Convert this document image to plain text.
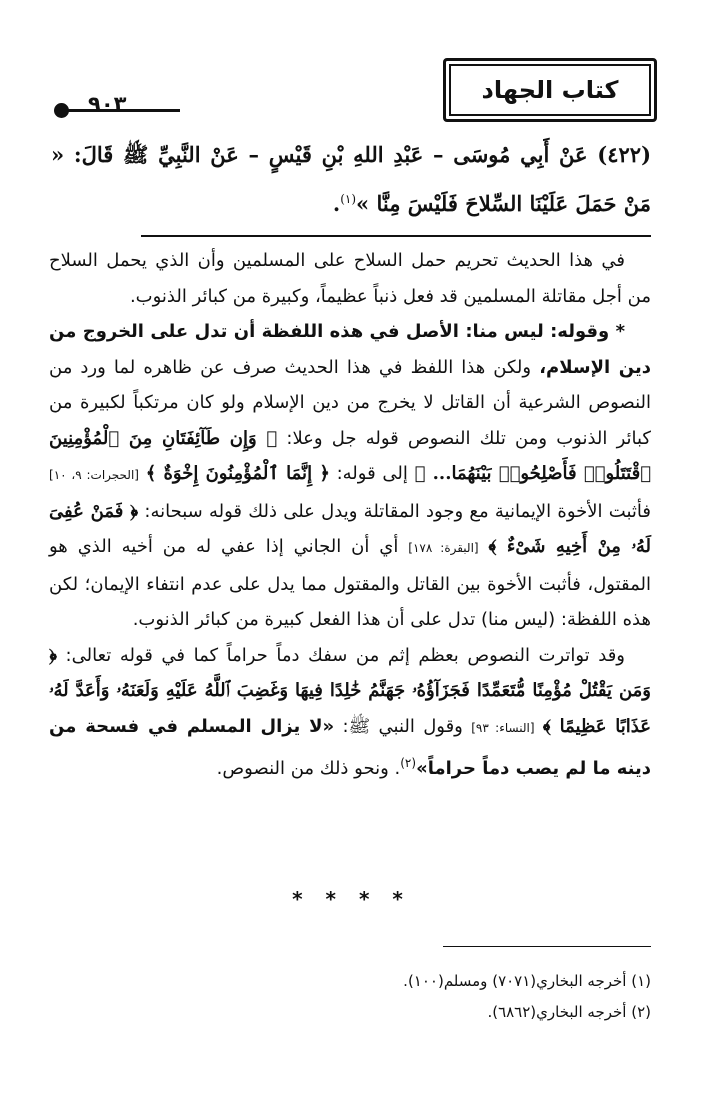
كتاب الجهاد
٩٠٣
(٤٢٢) عَنْ أَبِي مُوسَى – عَبْدِ اللهِ بْنِ قَيْسٍ – عَنْ النَّبِيِّ ﷺ قَالَ: « مَنْ حَمَلَ عَلَيْنَا السِّلاحَ فَلَيْسَ مِنَّا »$^{(١)}$.

في هذا الحديث تحريم حمل السلاح على المسلمين وأن الذي يحمل السلاح من أجل مقاتلة المسلمين قد فعل ذنباً عظيماً، وكبيرة من كبائر الذنوب.

* وقوله: ليس منا: الأصل في هذه اللفظة أن تدل على الخروج من دين الإسلام، ولكن هذا اللفظ في هذا الحديث صرف عن ظاهره لما ورد من النصوص الشرعية أن القاتل لا يخرج من دين الإسلام ولو كان مرتكباً لكبيرة من كبائر الذنوب ومن تلك النصوص قوله جل وعلا: ﴿ وَإِن طَآئِفَتَانِ مِنَ ٱلْمُؤْمِنِينَ ٱقْتَتَلُوا۟ فَأَصْلِحُوا۟ بَيْنَهُمَا... ﴾ إلى قوله: ﴿ إِنَّمَا ٱلْمُؤْمِنُونَ إِخْوَةٌ ﴾ [الحجرات: ٩، ١٠] فأثبت الأخوة الإيمانية مع وجود المقاتلة ويدل على ذلك قوله سبحانه: ﴿ فَمَنْ عُفِىَ لَهُۥ مِنْ أَخِيهِ شَىْءٌ ﴾ [البقرة: ١٧٨] أي أن الجاني إذا عفي له من أخيه الذي هو المقتول، فأثبت الأخوة بين القاتل والمقتول مما يدل على عدم انتفاء الإيمان؛ لكن هذه اللفظة: (ليس منا) تدل على أن هذا الفعل كبيرة من كبائر الذنوب.

وقد تواترت النصوص بعظم إثم من سفك دماً حراماً كما في قوله تعالى: ﴿ وَمَن يَقْتُلْ مُؤْمِنًا مُّتَعَمِّدًا فَجَزَآؤُهُۥ جَهَنَّمُ خَٰلِدًا فِيهَا وَغَضِبَ ٱللَّهُ عَلَيْهِ وَلَعَنَهُۥ وَأَعَدَّ لَهُۥ عَذَابًا عَظِيمًا ﴾ [النساء: ٩٣] وقول النبي ﷺ: «لا يزال المسلم في فسحة من دينه ما لم يصب دماً حراماً»$^{(٢)}$. ونحو ذلك من النصوص.

* * * *
(١) أخرجه البخاري(٧٠٧١) ومسلم(١٠٠).
(٢) أخرجه البخاري(٦٨٦٢).
